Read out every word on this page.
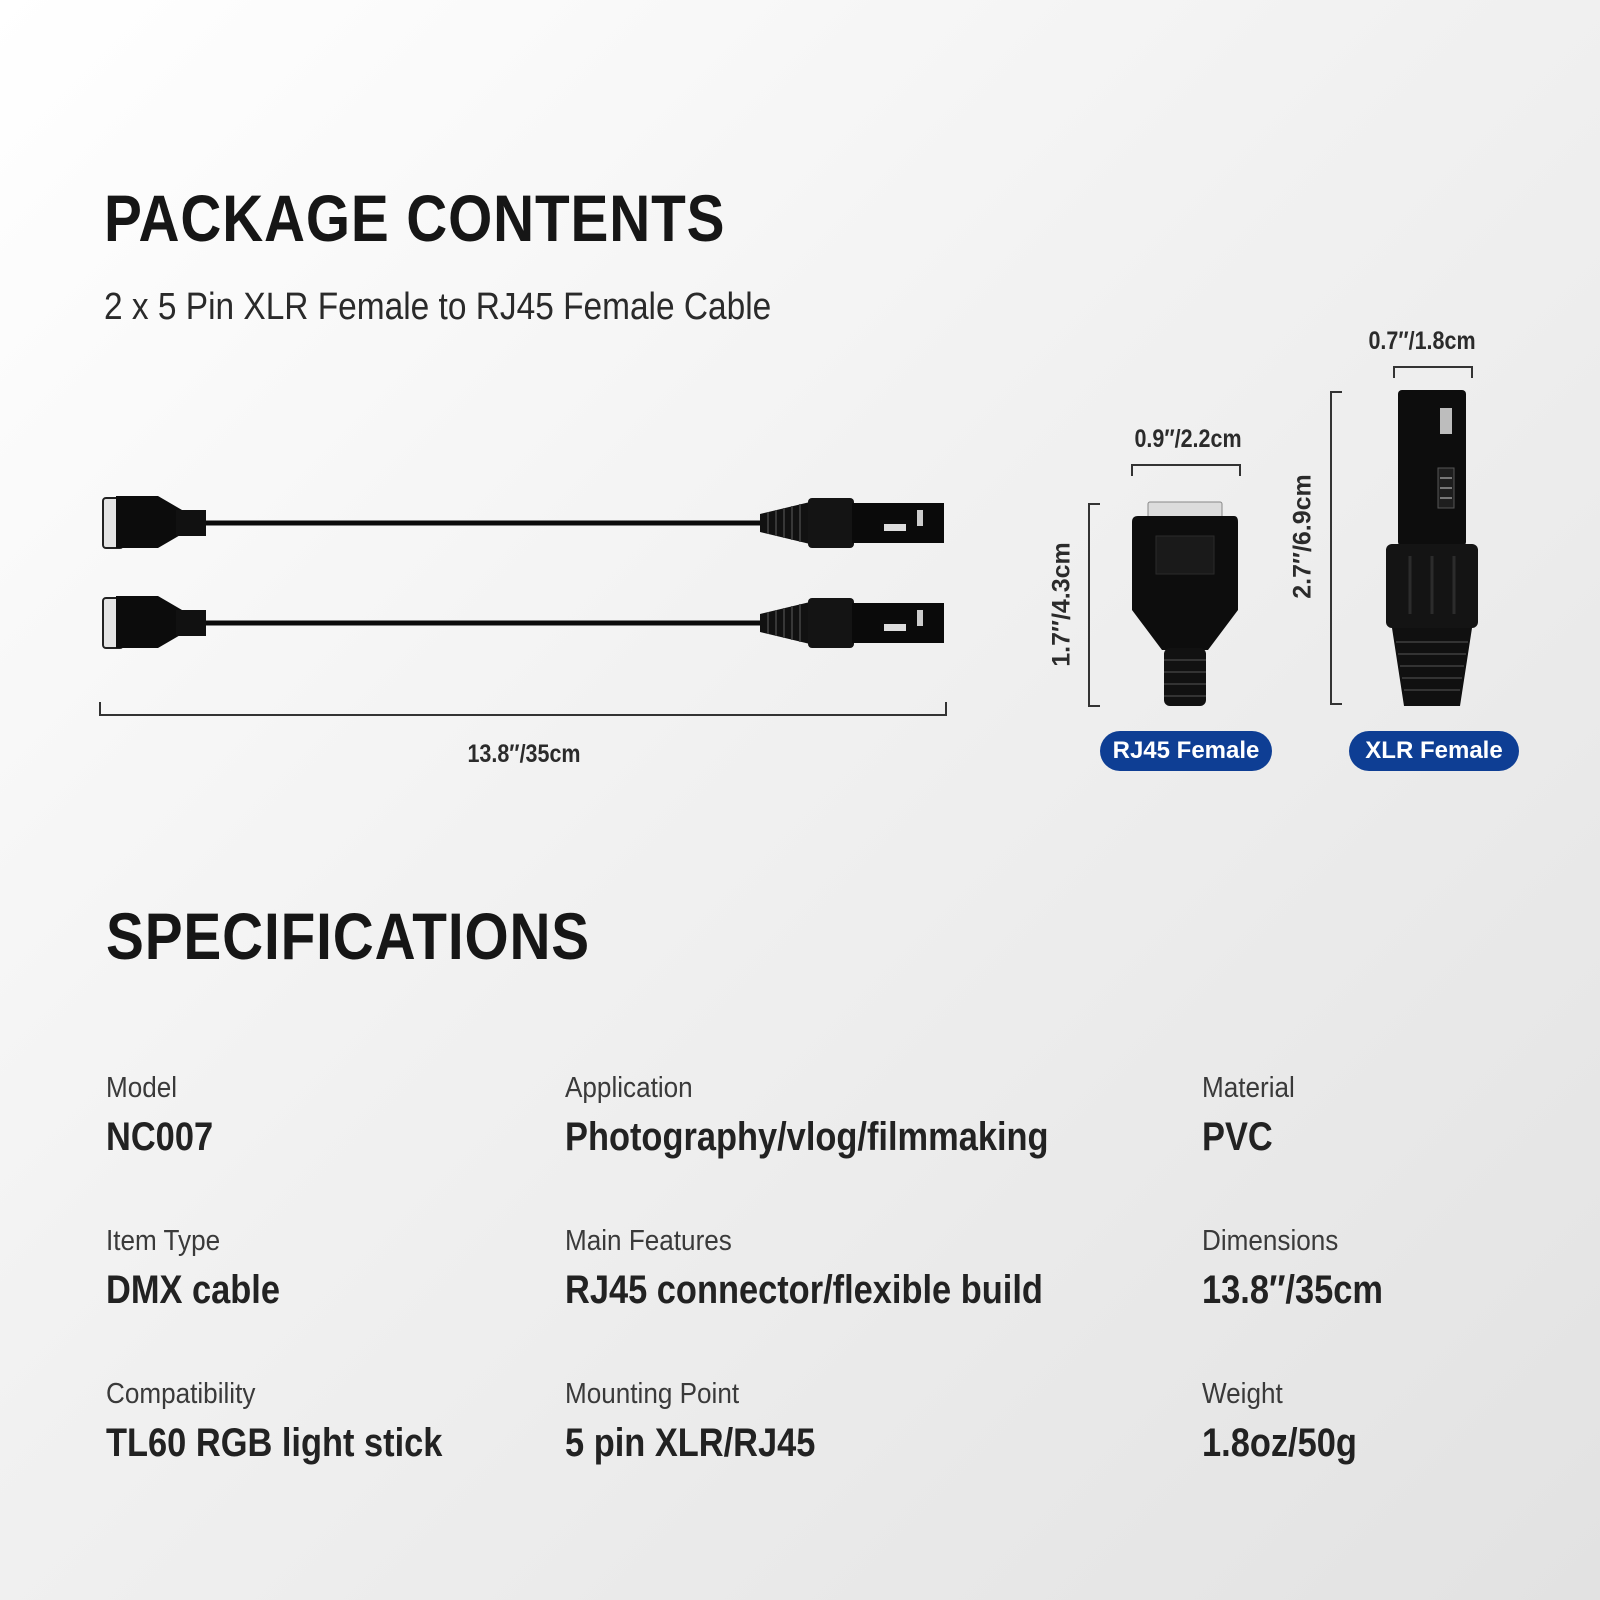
PACKAGE CONTENTS
2 x 5 Pin XLR Female to RJ45 Female Cable
13.8″/35cm
0.9″/2.2cm
1.7″/4.3cm
RJ45 Female
0.7″/1.8cm
2.7″/6.9cm
XLR Female
SPECIFICATIONS
Model
NC007
Application
Photography/vlog/filmmaking
Material
PVC
Item Type
DMX cable
Main Features
RJ45 connector/flexible build
Dimensions
13.8″/35cm
Compatibility
TL60 RGB light stick
Mounting Point
5 pin XLR/RJ45
Weight
1.8oz/50g
